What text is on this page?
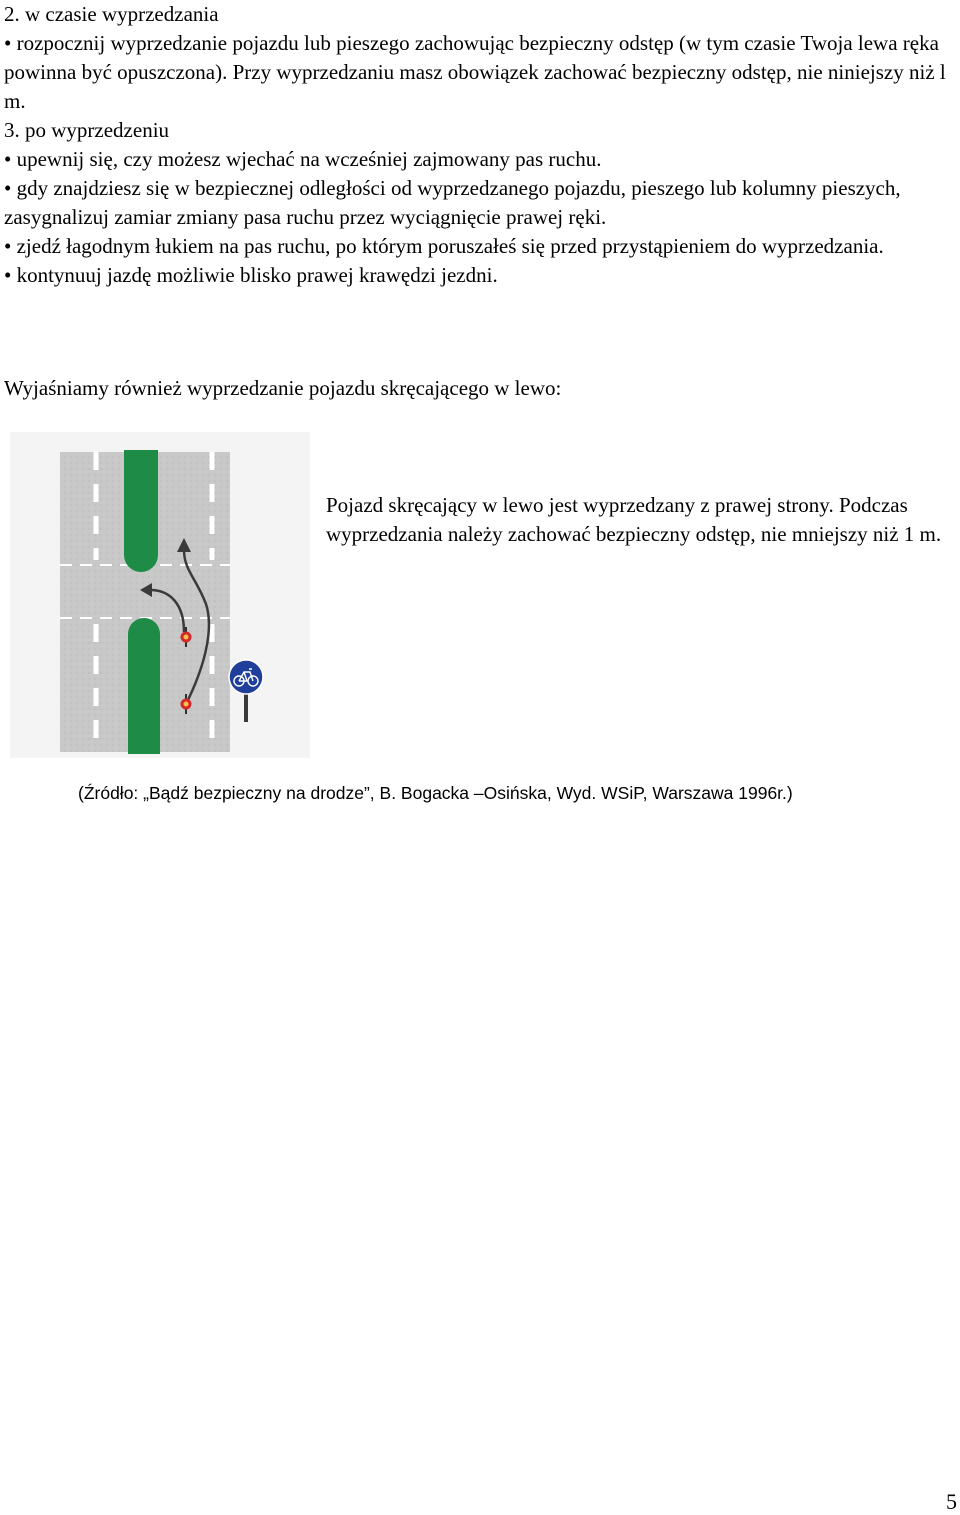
2. w czasie wyprzedzania

• rozpocznij wyprzedzanie pojazdu lub pieszego zachowując bezpieczny odstęp (w tym czasie Twoja lewa ręka powinna być opuszczona). Przy wyprzedzaniu masz obowiązek zachować bezpieczny odstęp, nie niniejszy niż l m.

3. po wyprzedzeniu

• upewnij się, czy możesz wjechać na wcześniej zajmowany pas ruchu.

• gdy znajdziesz się w bezpiecznej odległości od wyprzedzanego pojazdu, pieszego lub kolumny pieszych, zasygnalizuj zamiar zmiany pasa ruchu przez wyciągnięcie prawej ręki.

• zjedź łagodnym łukiem na pas ruchu, po którym poruszałeś się przed przystąpieniem do wyprzedzania.

• kontynuuj jazdę możliwie blisko prawej krawędzi jezdni.

Wyjaśniamy również wyprzedzanie pojazdu skręcającego w lewo:

Pojazd skręcający w lewo jest wyprzedzany z prawej strony. Podczas wyprzedzania należy zachować bezpieczny odstęp, nie mniejszy niż 1 m.

(Źródło: „Bądź bezpieczny na drodze”, B. Bogacka –Osińska, Wyd. WSiP, Warszawa 1996r.)

5
